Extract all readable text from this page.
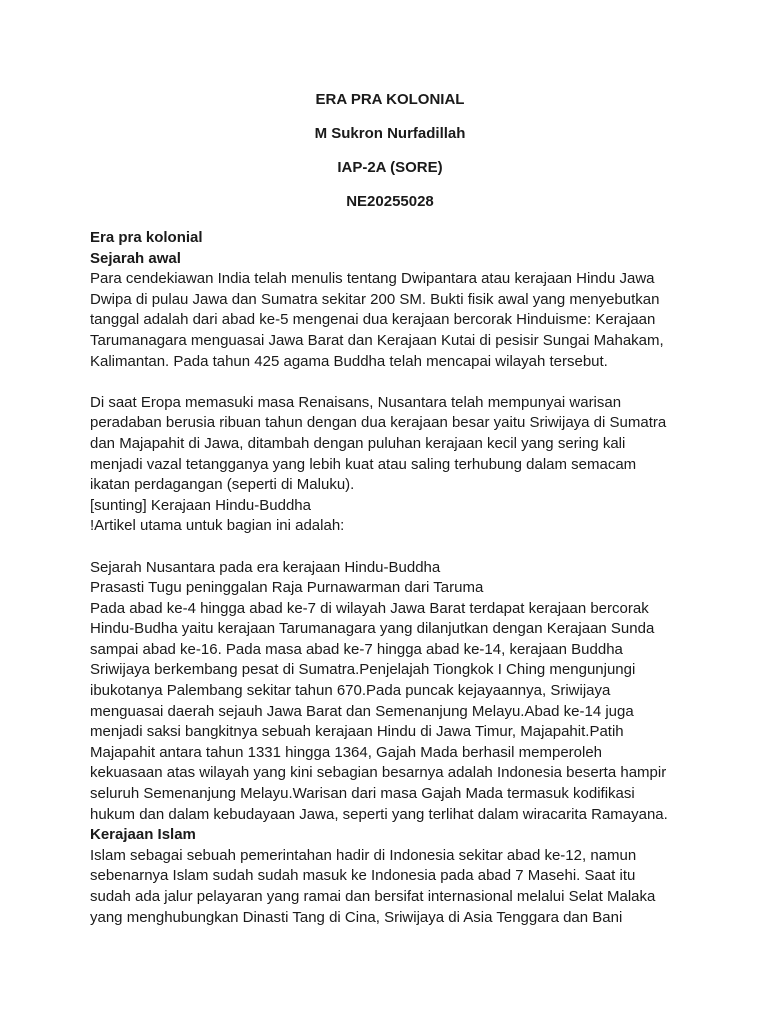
ERA PRA KOLONIAL
M Sukron Nurfadillah
IAP-2A (SORE)
NE20255028
Era pra kolonial
Sejarah awal
Para cendekiawan India telah menulis tentang Dwipantara atau kerajaan Hindu Jawa
Dwipa di pulau Jawa dan Sumatra sekitar 200 SM. Bukti fisik awal yang menyebutkan
tanggal adalah dari abad ke-5 mengenai dua kerajaan bercorak Hinduisme: Kerajaan
Tarumanagara menguasai Jawa Barat dan Kerajaan Kutai di pesisir Sungai Mahakam,
Kalimantan. Pada tahun 425 agama Buddha telah mencapai wilayah tersebut.
Di saat Eropa memasuki masa Renaisans, Nusantara telah mempunyai warisan
peradaban berusia ribuan tahun dengan dua kerajaan besar yaitu Sriwijaya di Sumatra
dan Majapahit di Jawa, ditambah dengan puluhan kerajaan kecil yang sering kali
menjadi vazal tetangganya yang lebih kuat atau saling terhubung dalam semacam
ikatan perdagangan (seperti di Maluku).
[sunting] Kerajaan Hindu-Buddha
!Artikel utama untuk bagian ini adalah:
Sejarah Nusantara pada era kerajaan Hindu-Buddha
Prasasti Tugu peninggalan Raja Purnawarman dari Taruma
Pada abad ke-4 hingga abad ke-7 di wilayah Jawa Barat terdapat kerajaan bercorak
Hindu-Budha yaitu kerajaan Tarumanagara yang dilanjutkan dengan Kerajaan Sunda
sampai abad ke-16. Pada masa abad ke-7 hingga abad ke-14, kerajaan Buddha
Sriwijaya berkembang pesat di Sumatra.Penjelajah Tiongkok I Ching mengunjungi
ibukotanya Palembang sekitar tahun 670.Pada puncak kejayaannya, Sriwijaya
menguasai daerah sejauh Jawa Barat dan Semenanjung Melayu.Abad ke-14 juga
menjadi saksi bangkitnya sebuah kerajaan Hindu di Jawa Timur, Majapahit.Patih
Majapahit antara tahun 1331 hingga 1364, Gajah Mada berhasil memperoleh
kekuasaan atas wilayah yang kini sebagian besarnya adalah Indonesia beserta hampir
seluruh Semenanjung Melayu.Warisan dari masa Gajah Mada termasuk kodifikasi
hukum dan dalam kebudayaan Jawa, seperti yang terlihat dalam wiracarita Ramayana.
Kerajaan Islam
Islam sebagai sebuah pemerintahan hadir di Indonesia sekitar abad ke-12, namun
sebenarnya Islam sudah sudah masuk ke Indonesia pada abad 7 Masehi. Saat itu
sudah ada jalur pelayaran yang ramai dan bersifat internasional melalui Selat Malaka
yang menghubungkan Dinasti Tang di Cina, Sriwijaya di Asia Tenggara dan Bani
